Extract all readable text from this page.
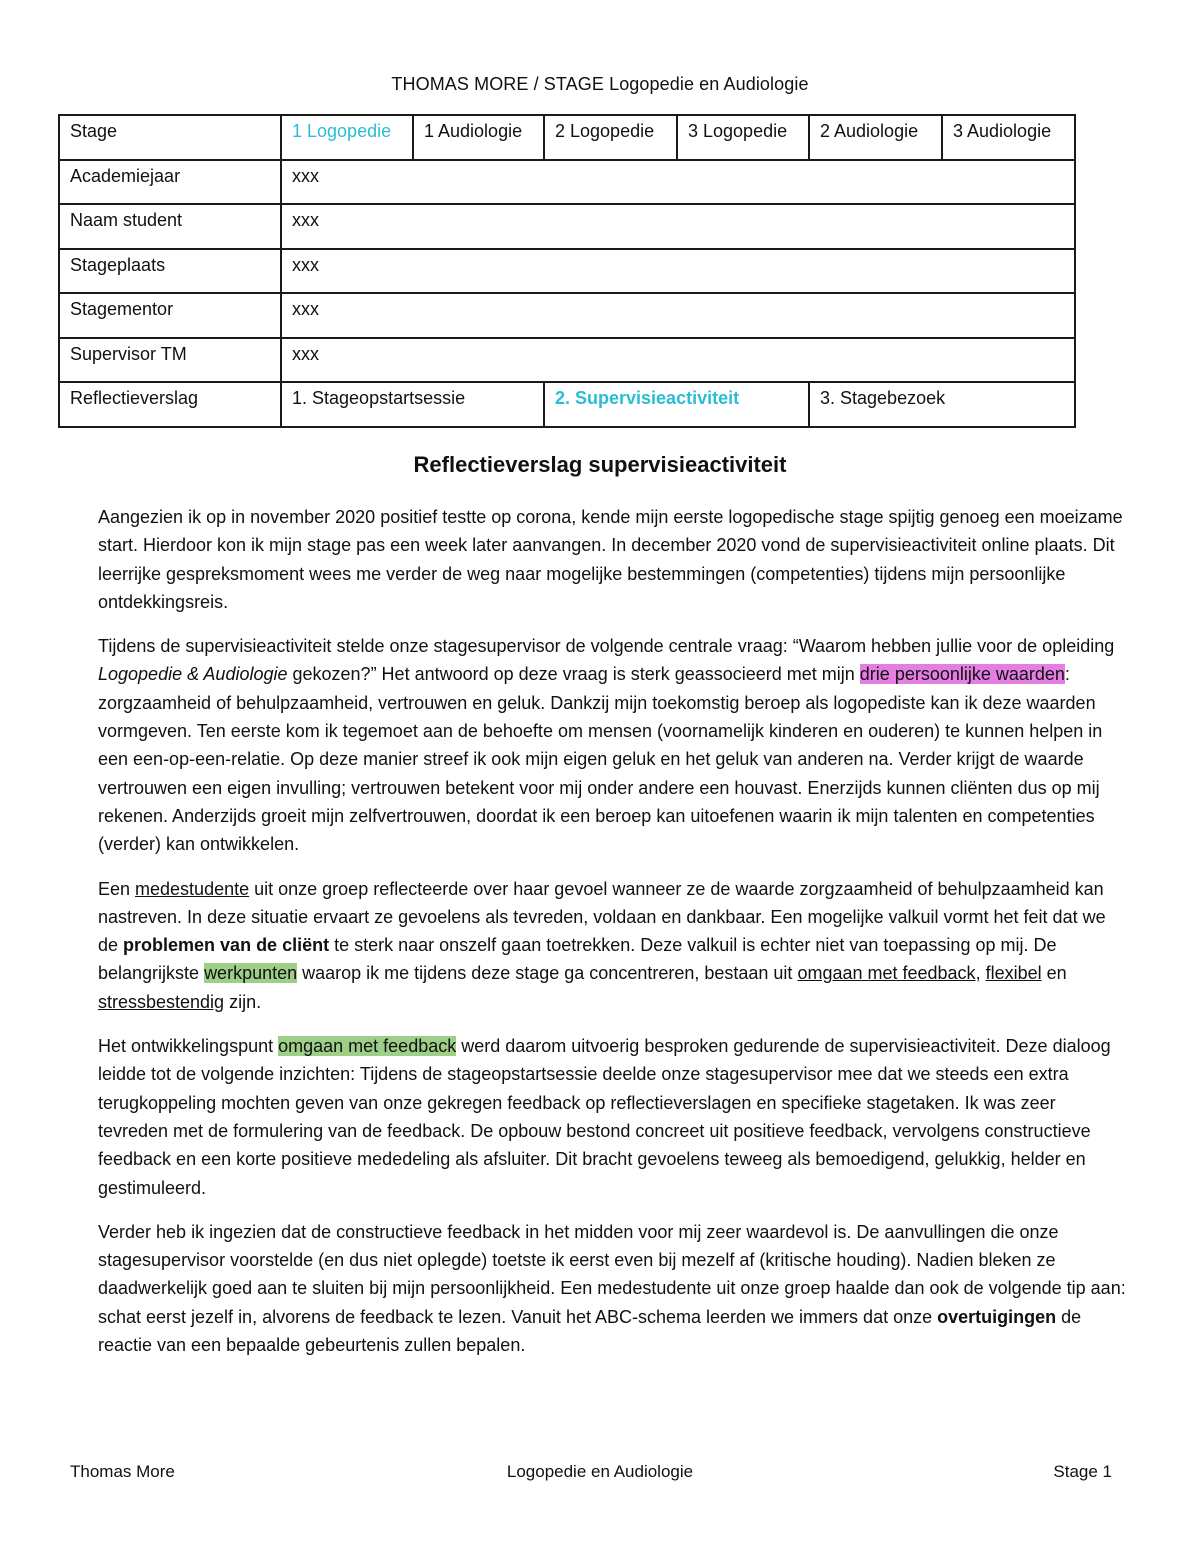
THOMAS MORE / STAGE Logopedie en Audiologie
Stage	1 Logopedie	1 Audiologie	2 Logopedie	3 Logopedie	2 Audiologie	3 Audiologie
Academiejaar	xxx					
Naam student	xxx					
Stageplaats	xxx					
Stagementor	xxx					
Supervisor TM	xxx					
Reflectieverslag	1. Stageopstartsessie		2. Supervisieactiviteit		3. Stagebezoek	
Reflectieverslag supervisieactiviteit

Aangezien ik op in november 2020 positief testte op corona, kende mijn eerste logopedische stage spijtig genoeg een moeizame start. Hierdoor kon ik mijn stage pas een week later aanvangen. In december 2020 vond de supervisieactiviteit online plaats. Dit leerrijke gespreksmoment wees me verder de weg naar mogelijke bestemmingen (competenties) tijdens mijn persoonlijke ontdekkingsreis.

Tijdens de supervisieactiviteit stelde onze stagesupervisor de volgende centrale vraag: “Waarom hebben jullie voor de opleiding Logopedie & Audiologie gekozen?” Het antwoord op deze vraag is sterk geassocieerd met mijn drie persoonlijke waarden: zorgzaamheid of behulpzaamheid, vertrouwen en geluk. Dankzij mijn toekomstig beroep als logopediste kan ik deze waarden vormgeven. Ten eerste kom ik tegemoet aan de behoefte om mensen (voornamelijk kinderen en ouderen) te kunnen helpen in een een-op-een-relatie. Op deze manier streef ik ook mijn eigen geluk en het geluk van anderen na. Verder krijgt de waarde vertrouwen een eigen invulling; vertrouwen betekent voor mij onder andere een houvast. Enerzijds kunnen cliënten dus op mij rekenen. Anderzijds groeit mijn zelfvertrouwen, doordat ik een beroep kan uitoefenen waarin ik mijn talenten en competenties (verder) kan ontwikkelen.

Een medestudente uit onze groep reflecteerde over haar gevoel wanneer ze de waarde zorgzaamheid of behulpzaamheid kan nastreven. In deze situatie ervaart ze gevoelens als tevreden, voldaan en dankbaar. Een mogelijke valkuil vormt het feit dat we de problemen van de cliënt te sterk naar onszelf gaan toetrekken. Deze valkuil is echter niet van toepassing op mij. De belangrijkste werkpunten waarop ik me tijdens deze stage ga concentreren, bestaan uit omgaan met feedback, flexibel en stressbestendig zijn.

Het ontwikkelingspunt omgaan met feedback werd daarom uitvoerig besproken gedurende de supervisieactiviteit. Deze dialoog leidde tot de volgende inzichten: Tijdens de stageopstartsessie deelde onze stagesupervisor mee dat we steeds een extra terugkoppeling mochten geven van onze gekregen feedback op reflectieverslagen en specifieke stagetaken. Ik was zeer tevreden met de formulering van de feedback. De opbouw bestond concreet uit positieve feedback, vervolgens constructieve feedback en een korte positieve mededeling als afsluiter. Dit bracht gevoelens teweeg als bemoedigend, gelukkig, helder en gestimuleerd.

Verder heb ik ingezien dat de constructieve feedback in het midden voor mij zeer waardevol is. De aanvullingen die onze stagesupervisor voorstelde (en dus niet oplegde) toetste ik eerst even bij mezelf af (kritische houding). Nadien bleken ze daadwerkelijk goed aan te sluiten bij mijn persoonlijkheid. Een medestudente uit onze groep haalde dan ook de volgende tip aan: schat eerst jezelf in, alvorens de feedback te lezen. Vanuit het ABC-schema leerden we immers dat onze overtuigingen de reactie van een bepaalde gebeurtenis zullen bepalen.

Thomas More	Logopedie en Audiologie	Stage 1
